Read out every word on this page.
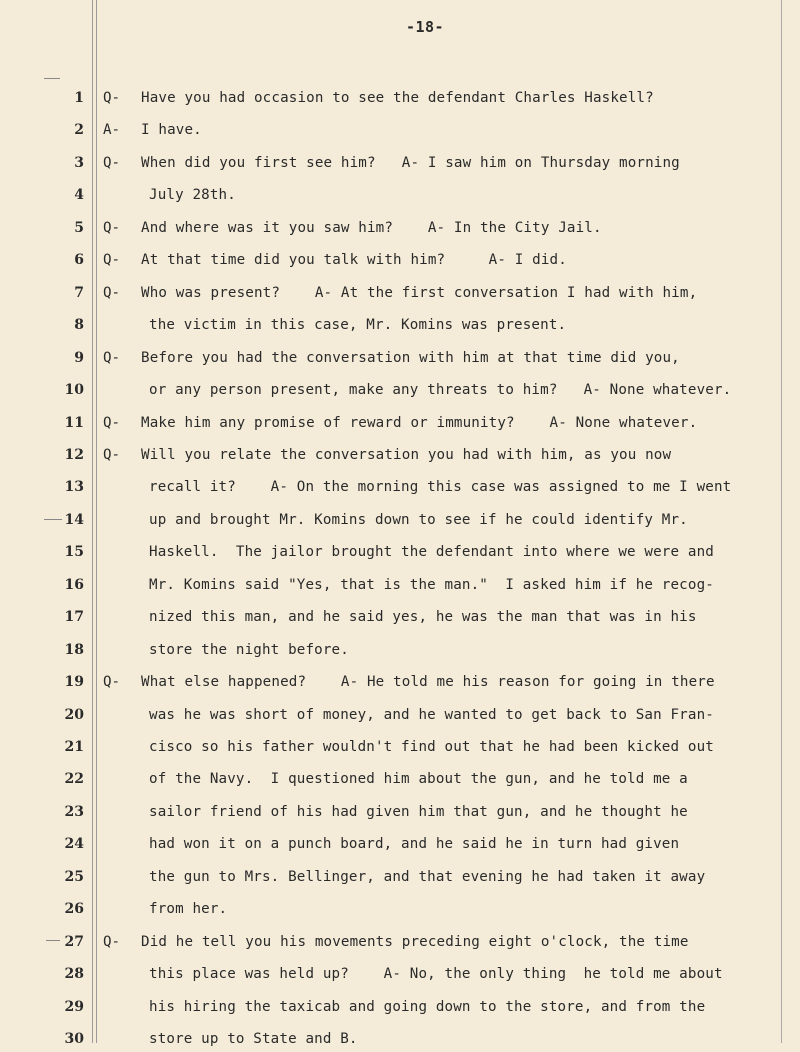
-18-
1 Q- Have you had occasion to see the defendant Charles Haskell?
2 A- I have.
3 Q- When did you first see him?   A- I saw him on Thursday morning
4	July 28th.
5 Q- And where was it you saw him?    A- In the City Jail.
6 Q- At that time did you talk with him?     A- I did.
7 Q- Who was present?    A- At the first conversation I had with him,
8	the victim in this case, Mr. Komins was present.
9 Q- Before you had the conversation with him at that time did you,
10	or any person present, make any threats to him?   A- None whatever.
11 Q- Make him any promise of reward or immunity?    A- None whatever.
12 Q- Will you relate the conversation you had with him, as you now
13	recall it?    A- On the morning this case was assigned to me I went
14	up and brought Mr. Komins down to see if he could identify Mr.
15	Haskell.  The jailor brought the defendant into where we were and
16	Mr. Komins said "Yes, that is the man."  I asked him if he recog-
17	nized this man, and he said yes, he was the man that was in his
18	store the night before.
19 Q- What else happened?    A- He told me his reason for going in there
20	was he was short of money, and he wanted to get back to San Fran-
21	cisco so his father wouldn't find out that he had been kicked out
22	of the Navy.  I questioned him about the gun, and he told me a
23	sailor friend of his had given him that gun, and he thought he
24	had won it on a punch board, and he said he in turn had given
25	the gun to Mrs. Bellinger, and that evening he had taken it away
26	from her.
27 Q- Did he tell you his movements preceding eight o'clock, the time
28	this place was held up?    A- No, the only thing  he told me about
29	his hiring the taxicab and going down to the store, and from the
30	store up to State and B.
